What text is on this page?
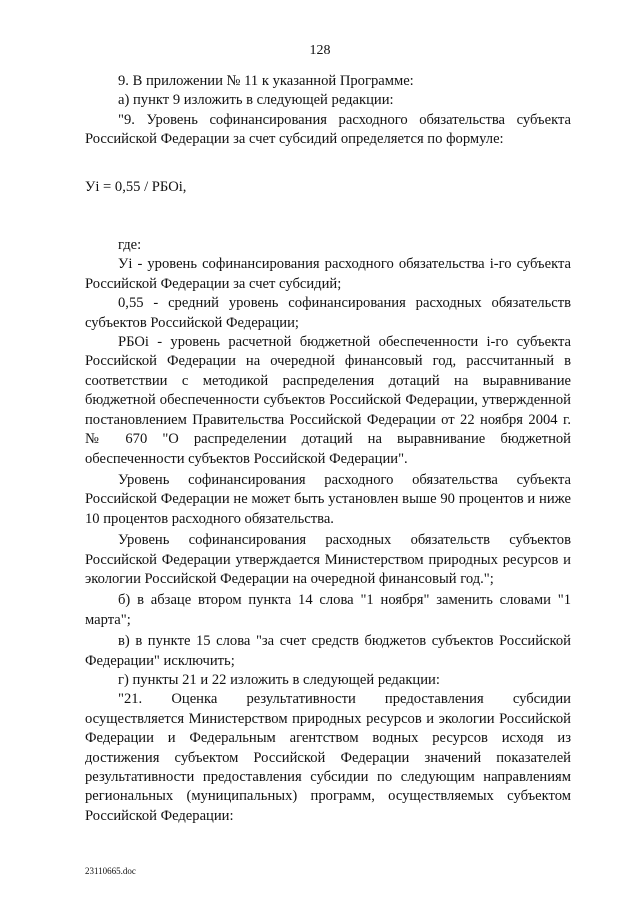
128

9. В приложении № 11 к указанной Программе:

а) пункт 9 изложить в следующей редакции:

"9. Уровень софинансирования расходного обязательства субъекта Российской Федерации за счет субсидий определяется по формуле:

Уi = 0,55 / РБОi,

где:

Уi - уровень софинансирования расходного обязательства i-го субъекта Российской Федерации за счет субсидий;

0,55 - средний уровень софинансирования расходных обязательств субъектов Российской Федерации;

РБОi - уровень расчетной бюджетной обеспеченности i-го субъекта Российской Федерации на очередной финансовый год, рассчитанный в соответствии с методикой распределения дотаций на выравнивание бюджетной обеспеченности субъектов Российской Федерации, утвержденной постановлением Правительства Российской Федерации от 22 ноября 2004 г. № 670 "О распределении дотаций на выравнивание бюджетной обеспеченности субъектов Российской Федерации".

Уровень софинансирования расходного обязательства субъекта Российской Федерации не может быть установлен выше 90 процентов и ниже 10 процентов расходного обязательства.

Уровень софинансирования расходных обязательств субъектов Российской Федерации утверждается Министерством природных ресурсов и экологии Российской Федерации на очередной финансовый год.";

б) в абзаце втором пункта 14 слова "1 ноября" заменить словами "1 марта";

в) в пункте 15 слова "за счет средств бюджетов субъектов Российской Федерации" исключить;

г) пункты 21 и 22 изложить в следующей редакции:

"21. Оценка результативности предоставления субсидии осуществляется Министерством природных ресурсов и экологии Российской Федерации и Федеральным агентством водных ресурсов исходя из достижения субъектом Российской Федерации значений показателей результативности предоставления субсидии по следующим направлениям региональных (муниципальных) программ, осуществляемых субъектом Российской Федерации:

23110665.doc
